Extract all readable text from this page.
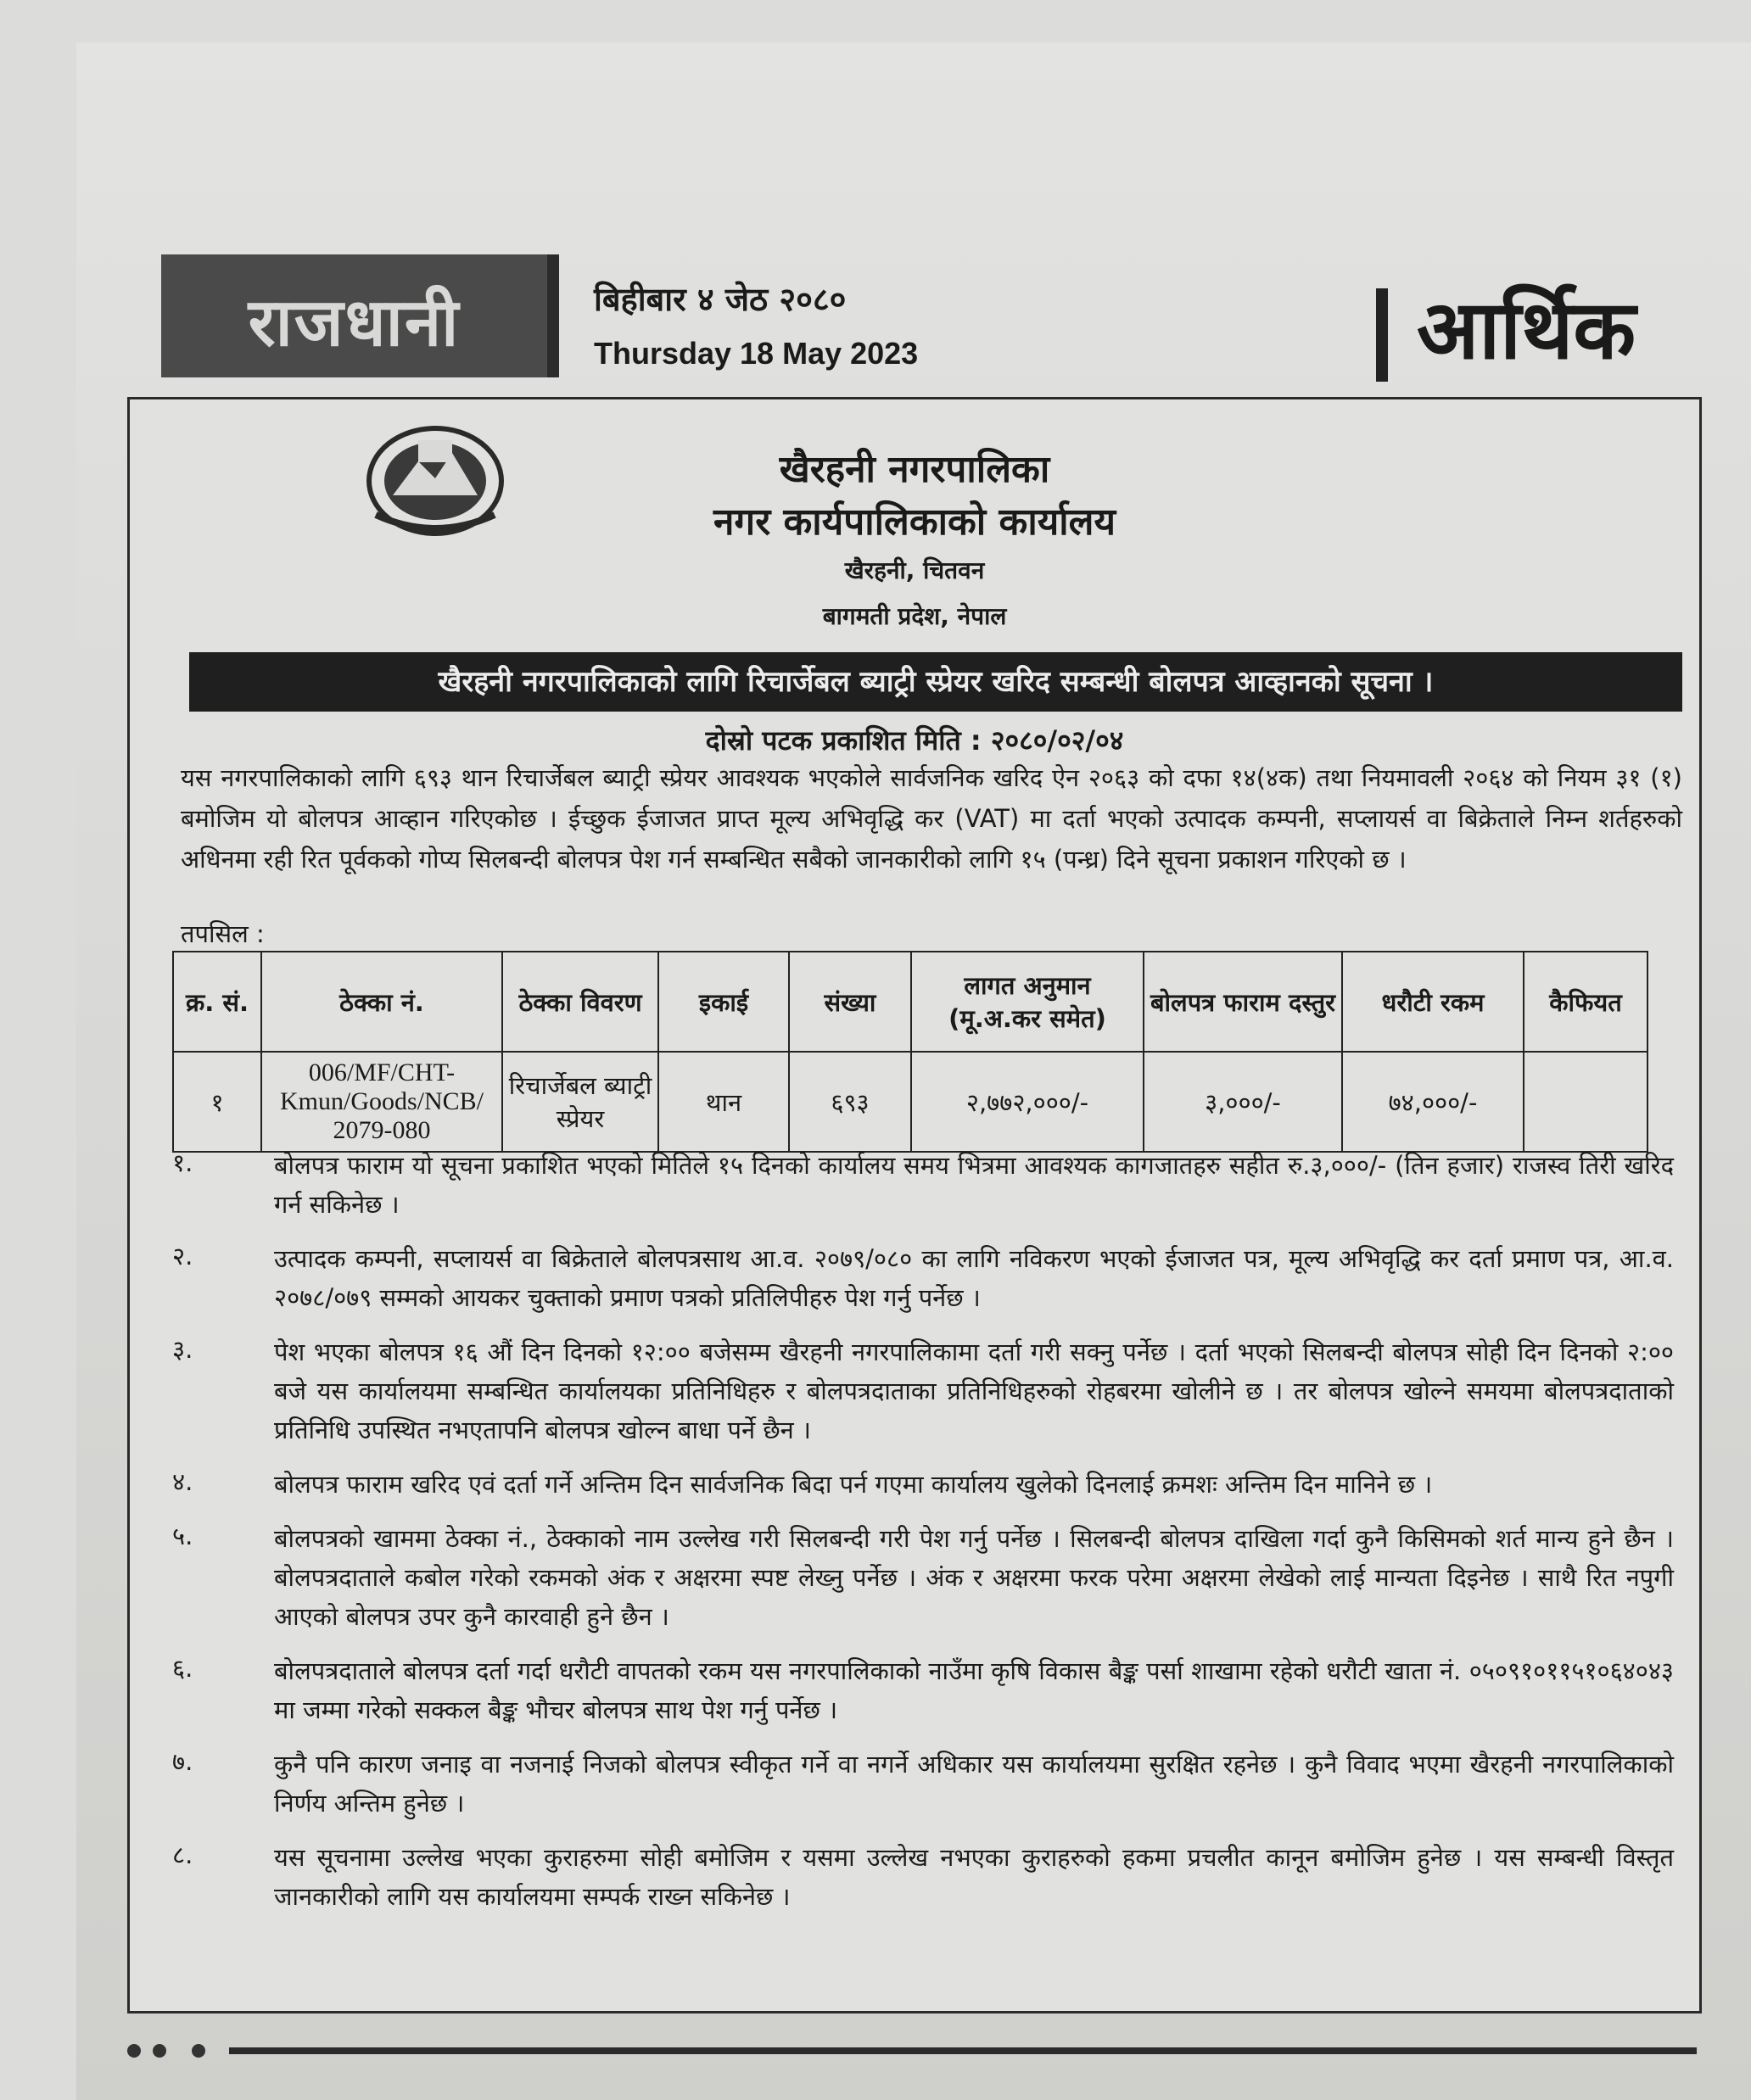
राजधानी	बिहीबार ४ जेठ २०८०
Thursday 18 May 2023	आर्थिक
खैरहनी नगरपालिका
नगर कार्यपालिकाको कार्यालय
खैरहनी, चितवन
बागमती प्रदेश, नेपाल
खैरहनी नगरपालिकाको लागि रिचार्जेबल ब्याट्री स्प्रेयर खरिद सम्बन्धी बोलपत्र आव्हानको सूचना ।
दोस्रो पटक प्रकाशित मिति : २०८०/०२/०४
यस नगरपालिकाको लागि ६९३ थान रिचार्जेबल ब्याट्री स्प्रेयर आवश्यक भएकोले सार्वजनिक खरिद ऐन २०६३ को दफा १४(४क) तथा नियमावली २०६४ को नियम ३१ (१) बमोजिम यो बोलपत्र आव्हान गरिएकोछ । ईच्छुक ईजाजत प्राप्त मूल्य अभिवृद्धि कर (VAT) मा दर्ता भएको उत्पादक कम्पनी, सप्लायर्स वा बिक्रेताले निम्न शर्तहरुको अधिनमा रही रित पूर्वकको गोप्य सिलबन्दी बोलपत्र पेश गर्न सम्बन्धित सबैको जानकारीको लागि १५ (पन्ध्र) दिने सूचना प्रकाशन गरिएको छ ।
तपसिल :
क्र. सं.	ठेक्का नं.	ठेक्का विवरण	इकाई	संख्या	लागत अनुमान (मू.अ.कर समेत)	बोलपत्र फाराम दस्तुर	धरौटी रकम	कैफियत
१	006/MF/CHT-Kmun/Goods/NCB/ 2079-080	रिचार्जेबल ब्याट्री स्प्रेयर	थान	६९३	२,७७२,०००/-	३,०००/-	७४,०००/-	
१.	बोलपत्र फाराम यो सूचना प्रकाशित भएको मितिले १५ दिनको कार्यालय समय भित्रमा आवश्यक कागजातहरु सहीत रु.३,०००/- (तिन हजार) राजस्व तिरी खरिद गर्न सकिनेछ ।
२.	उत्पादक कम्पनी, सप्लायर्स वा बिक्रेताले बोलपत्रसाथ आ.व. २०७९/०८० का लागि नविकरण भएको ईजाजत पत्र, मूल्य अभिवृद्धि कर दर्ता प्रमाण पत्र, आ.व. २०७८/०७९ सम्मको आयकर चुक्ताको प्रमाण पत्रको प्रतिलिपीहरु पेश गर्नु पर्नेछ ।
३.	पेश भएका बोलपत्र १६ औं दिन दिनको १२:०० बजेसम्म खैरहनी नगरपालिकामा दर्ता गरी सक्नु पर्नेछ । दर्ता भएको सिलबन्दी बोलपत्र सोही दिन दिनको २:०० बजे यस कार्यालयमा सम्बन्धित कार्यालयका प्रतिनिधिहरु र बोलपत्रदाताका प्रतिनिधिहरुको रोहबरमा खोलीने छ । तर बोलपत्र खोल्ने समयमा बोलपत्रदाताको प्रतिनिधि उपस्थित नभएतापनि बोलपत्र खोल्न बाधा पर्ने छैन ।
४.	बोलपत्र फाराम खरिद एवं दर्ता गर्ने अन्तिम दिन सार्वजनिक बिदा पर्न गएमा कार्यालय खुलेको दिनलाई क्रमशः अन्तिम दिन मानिने छ ।
५.	बोलपत्रको खाममा ठेक्का नं., ठेक्काको नाम उल्लेख गरी सिलबन्दी गरी पेश गर्नु पर्नेछ । सिलबन्दी बोलपत्र दाखिला गर्दा कुनै किसिमको शर्त मान्य हुने छैन । बोलपत्रदाताले कबोल गरेको रकमको अंक र अक्षरमा स्पष्ट लेख्नु पर्नेछ । अंक र अक्षरमा फरक परेमा अक्षरमा लेखेको लाई मान्यता दिइनेछ । साथै रित नपुगी आएको बोलपत्र उपर कुनै कारवाही हुने छैन ।
६.	बोलपत्रदाताले बोलपत्र दर्ता गर्दा धरौटी वापतको रकम यस नगरपालिकाको नाउँमा कृषि विकास बैङ्क पर्सा शाखामा रहेको धरौटी खाता नं. ०५०९१०११५१०६४०४३ मा जम्मा गरेको सक्कल बैङ्क भौचर बोलपत्र साथ पेश गर्नु पर्नेछ ।
७.	कुनै पनि कारण जनाइ वा नजनाई निजको बोलपत्र स्वीकृत गर्ने वा नगर्ने अधिकार यस कार्यालयमा सुरक्षित रहनेछ । कुनै विवाद भएमा खैरहनी नगरपालिकाको निर्णय अन्तिम हुनेछ ।
८.	यस सूचनामा उल्लेख भएका कुराहरुमा सोही बमोजिम र यसमा उल्लेख नभएका कुराहरुको हकमा प्रचलीत कानून बमोजिम हुनेछ । यस सम्बन्धी विस्तृत जानकारीको लागि यस कार्यालयमा सम्पर्क राख्न सकिनेछ ।
